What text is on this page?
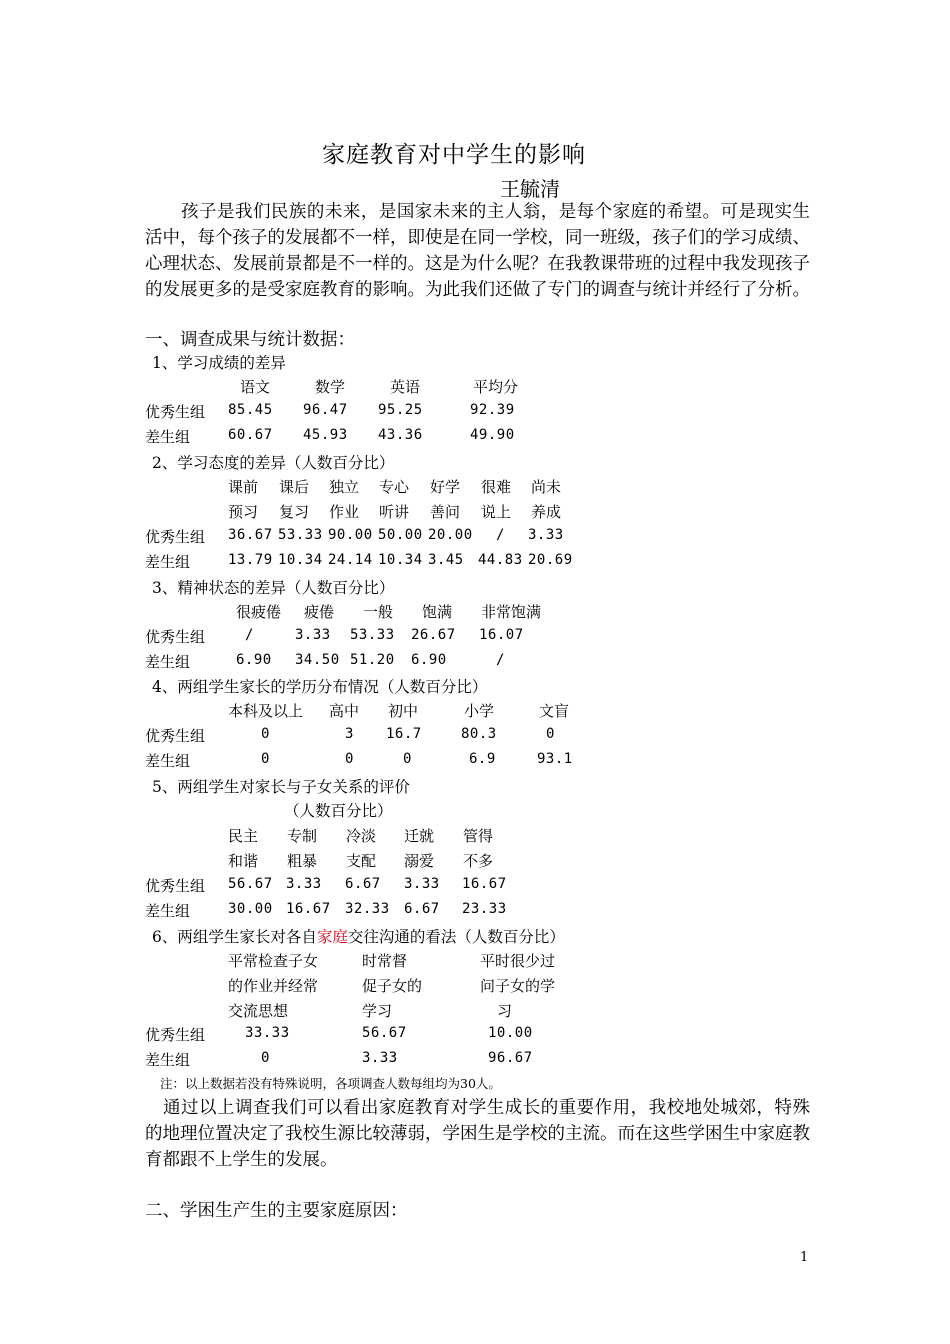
家庭教育对中学生的影响
王毓清
孩子是我们民族的未来，是国家未来的主人翁，是每个家庭的希望。可是现实生活中，每个孩子的发展都不一样，即使是在同一学校，同一班级，孩子们的学习成绩、心理状态、发展前景都是不一样的。这是为什么呢？在我教课带班的过程中我发现孩子的发展更多的是受家庭教育的影响。为此我们还做了专门的调查与统计并经行了分析。
一、调查成果与统计数据：
1、学习成绩的差异
语文	数学	英语	平均分
优秀生组 85.45 96.47 95.25	92.39
差生组	60.67 45.93 43.36	49.90
2、学习态度的差异（人数百分比）
课前 课后 独立 专心 好学 很难 尚未
预习 复习 作业 听讲 善问 说上 养成
优秀生组 36.67 53.33 90.00 50.00 20.00 / 3.33
差生组	13.79 10.34 24.14 10.34 3.45 44.83 20.69
3、精神状态的差异（人数百分比）
很疲倦 疲倦 一般 饱满 非常饱满
优秀生组	/	3.33 53.33 26.67 16.07
差生组	6.90 34.50 51.20 6.90	/
4、两组学生家长的学历分布情况（人数百分比）
本科及以上 高中 初中	小学	文盲
优秀生组	0	3 16.7	80.3	0
差生组	0	0	0	6.9	93.1
5、两组学生对家长与子女关系的评价
（人数百分比）
民主 专制 冷淡 迁就 管得
和谐 粗暴 支配 溺爱 不多
优秀生组 56.67 3.33 6.67 3.33 16.67
差生组	30.00 16.67 32.33 6.67 23.33
6、两组学生家长对各自家庭交往沟通的看法（人数百分比）
平常检查子女	时常督	平时很少过
的作业并经常	促子女的	问子女的学
交流思想	学习	习
优秀生组	33.33	56.67	10.00
差生组	0	3.33	96.67
注：以上数据若没有特殊说明，各项调查人数每组均为30人。
通过以上调查我们可以看出家庭教育对学生成长的重要作用，我校地处城郊，特殊的地理位置决定了我校生源比较薄弱，学困生是学校的主流。而在这些学困生中家庭教育都跟不上学生的发展。
二、学困生产生的主要家庭原因：
1
